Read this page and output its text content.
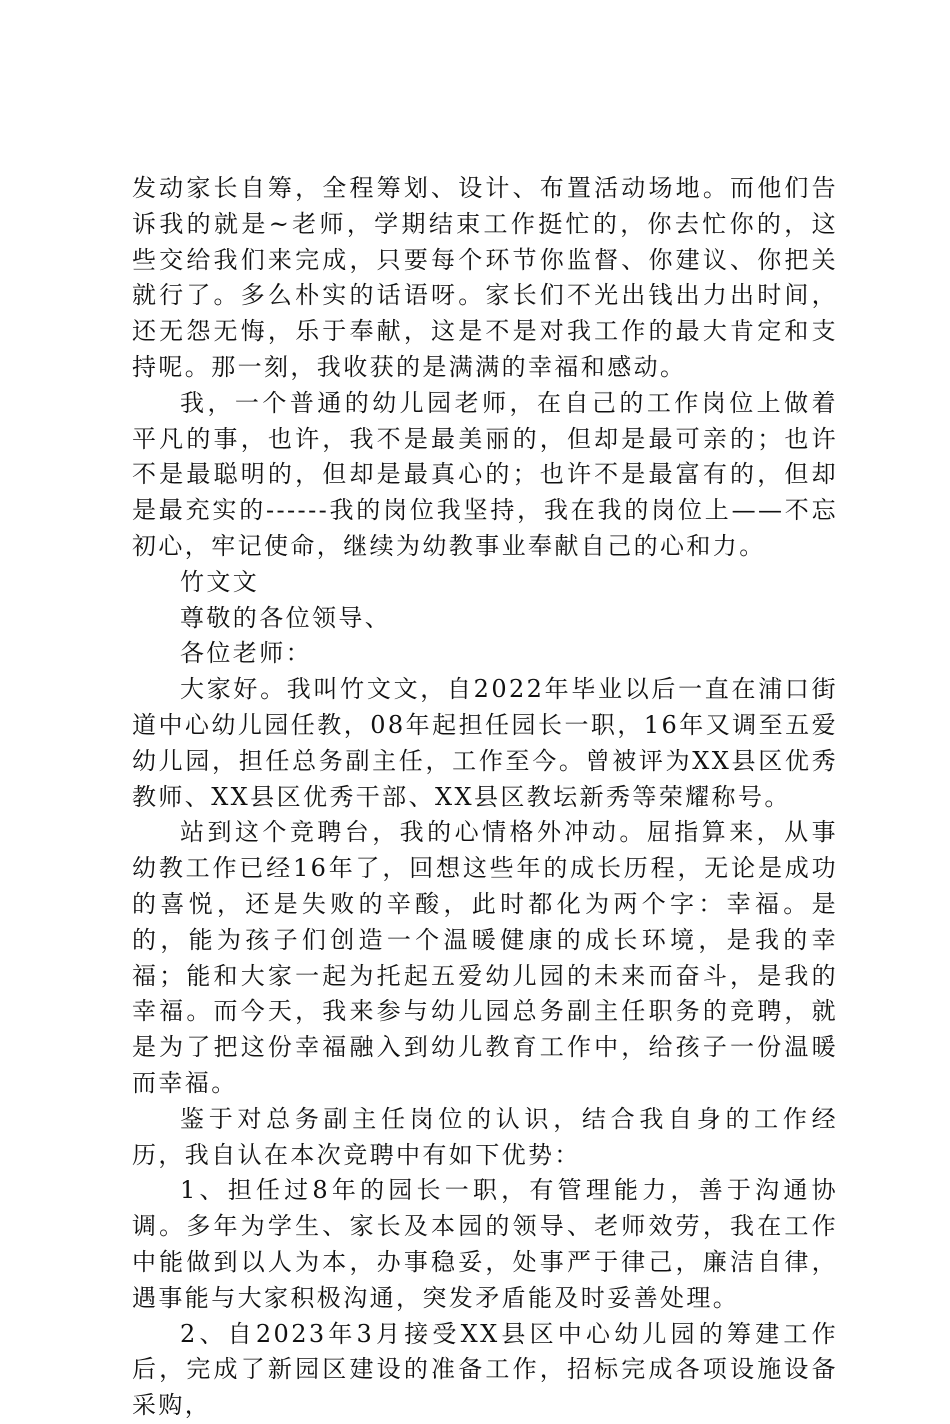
发动家长自筹，全程筹划、设计、布置活动场地。而他们告诉我的就是~老师，学期结束工作挺忙的，你去忙你的，这些交给我们来完成，只要每个环节你监督、你建议、你把关就行了。多么朴实的话语呀。家长们不光出钱出力出时间，还无怨无悔，乐于奉献，这是不是对我工作的最大肯定和支持呢。那一刻，我收获的是满满的幸福和感动。

我，一个普通的幼儿园老师，在自己的工作岗位上做着平凡的事，也许，我不是最美丽的，但却是最可亲的；也许不是最聪明的，但却是最真心的；也许不是最富有的，但却是最充实的------我的岗位我坚持，我在我的岗位上——不忘初心，牢记使命，继续为幼教事业奉献自己的心和力。

竹文文

尊敬的各位领导、

各位老师：

大家好。我叫竹文文，自2022年毕业以后一直在浦口街道中心幼儿园任教，08年起担任园长一职，16年又调至五爱幼儿园，担任总务副主任，工作至今。曾被评为XX县区优秀教师、XX县区优秀干部、XX县区教坛新秀等荣耀称号。

站到这个竞聘台，我的心情格外冲动。屈指算来，从事幼教工作已经16年了，回想这些年的成长历程，无论是成功的喜悦，还是失败的辛酸，此时都化为两个字：幸福。是的，能为孩子们创造一个温暖健康的成长环境，是我的幸福；能和大家一起为托起五爱幼儿园的未来而奋斗，是我的幸福。而今天，我来参与幼儿园总务副主任职务的竞聘，就是为了把这份幸福融入到幼儿教育工作中，给孩子一份温暖而幸福。

鉴于对总务副主任岗位的认识，结合我自身的工作经历，我自认在本次竞聘中有如下优势：

1、担任过8年的园长一职，有管理能力，善于沟通协调。多年为学生、家长及本园的领导、老师效劳，我在工作中能做到以人为本，办事稳妥，处事严于律己，廉洁自律，遇事能与大家积极沟通，突发矛盾能及时妥善处理。

2、自2023年3月接受XX县区中心幼儿园的筹建工作后，完成了新园区建设的准备工作，招标完成各项设施设备采购，
